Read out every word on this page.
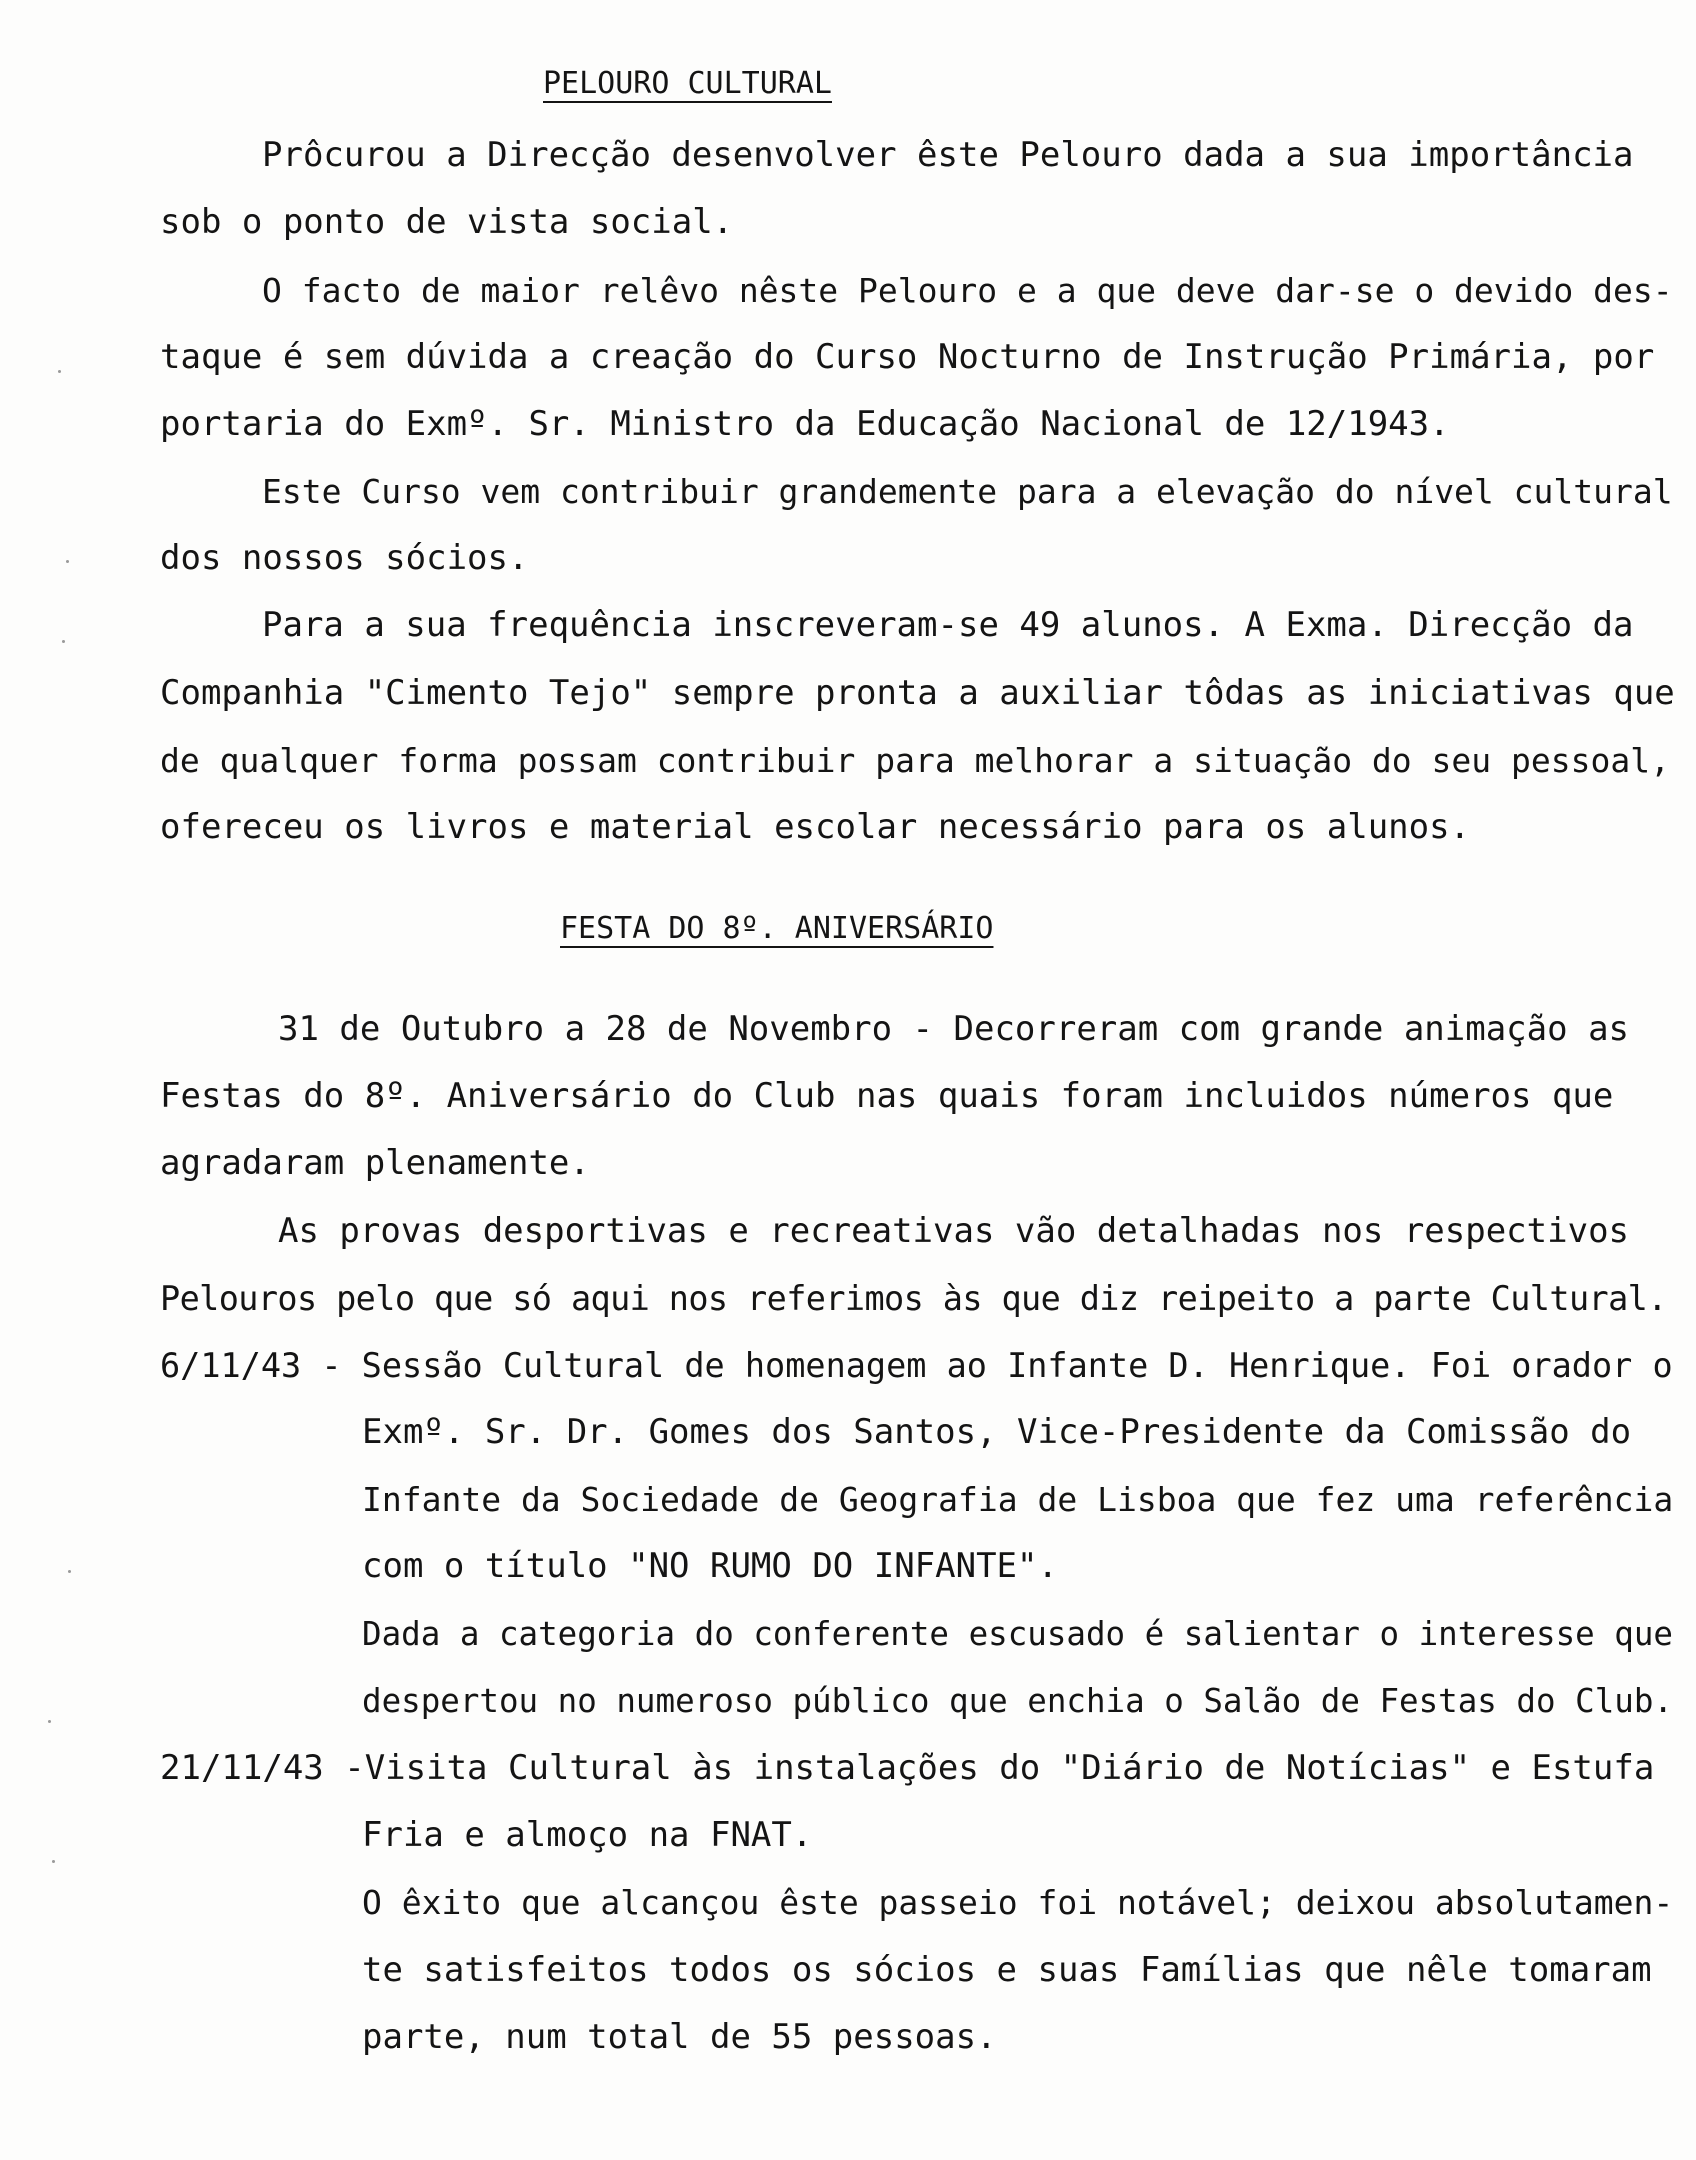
PELOURO CULTURAL
Prôcurou a Direcção desenvolver êste Pelouro dada a sua importância
sob o ponto de vista social.
O facto de maior relêvo nêste Pelouro e a que deve dar-se o devido des-
taque é sem dúvida a creação do Curso Nocturno de Instrução Primária, por
portaria do Exmº. Sr. Ministro da Educação Nacional de 12/1943.
Este Curso vem contribuir grandemente para a elevação do nível cultural
dos nossos sócios.
Para a sua frequência inscreveram-se 49 alunos. A Exma. Direcção da
Companhia "Cimento Tejo" sempre pronta a auxiliar tôdas as iniciativas que
de qualquer forma possam contribuir para melhorar a situação do seu pessoal,
ofereceu os livros e material escolar necessário para os alunos.
FESTA DO 8º. ANIVERSÁRIO
31 de Outubro a 28 de Novembro - Decorreram com grande animação as
Festas do 8º. Aniversário do Club nas quais foram incluidos números que
agradaram plenamente.
As provas desportivas e recreativas vão detalhadas nos respectivos
Pelouros pelo que só aqui nos referimos às que diz reipeito a parte Cultural.
6/11/43 - Sessão Cultural de homenagem ao Infante D. Henrique. Foi orador o
Exmº. Sr. Dr. Gomes dos Santos, Vice-Presidente da Comissão do
Infante da Sociedade de Geografia de Lisboa que fez uma referência
com o título "NO RUMO DO INFANTE".
Dada a categoria do conferente escusado é salientar o interesse que
despertou no numeroso público que enchia o Salão de Festas do Club.
21/11/43 -Visita Cultural às instalações do "Diário de Notícias" e Estufa
Fria e almoço na FNAT.
O êxito que alcançou êste passeio foi notável; deixou absolutamen-
te satisfeitos todos os sócios e suas Famílias que nêle tomaram
parte, num total de 55 pessoas.
